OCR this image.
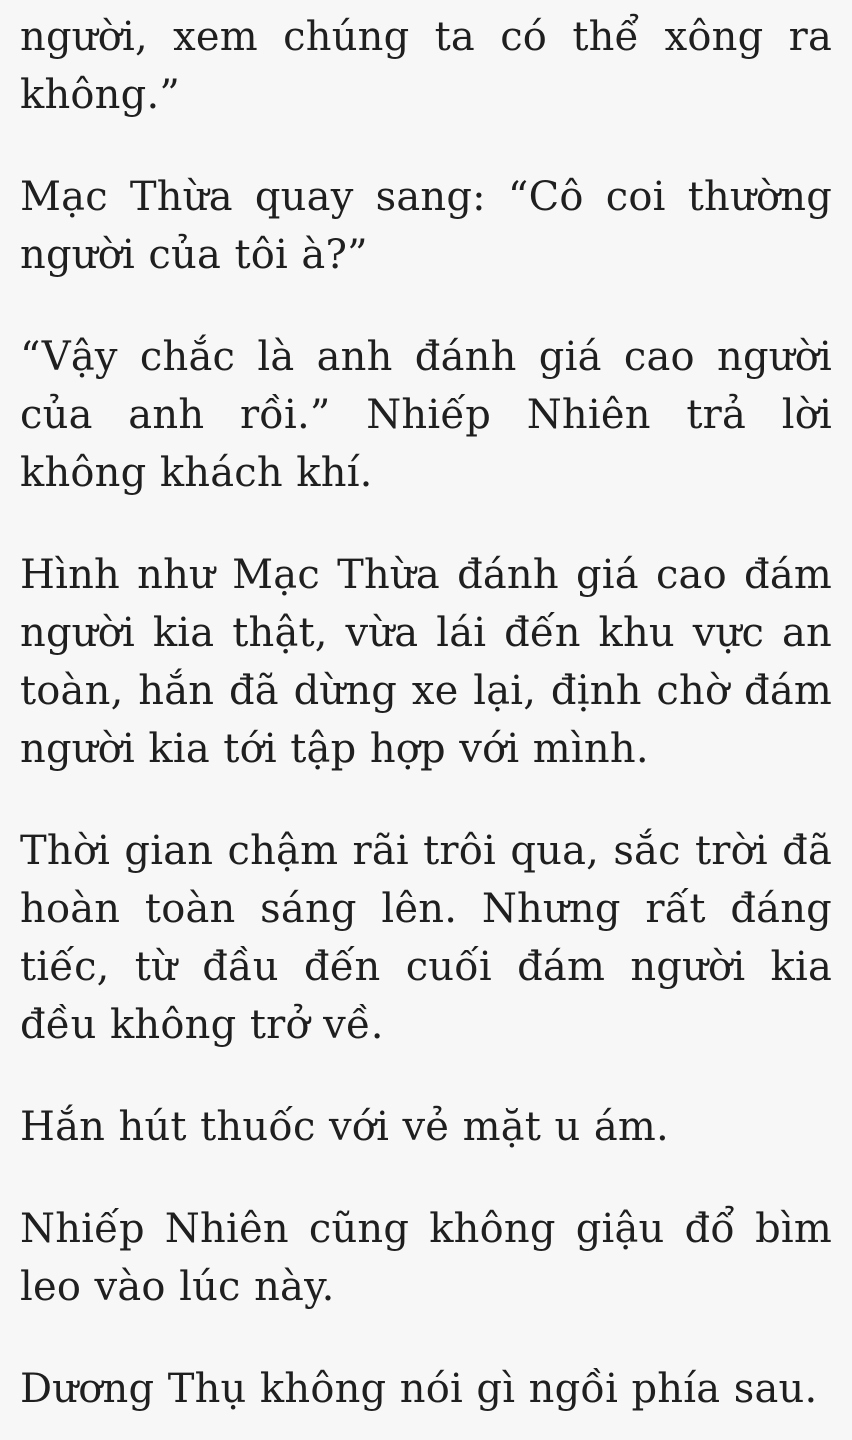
người, xem chúng ta có thể xông ra không.”

Mạc Thừa quay sang: “Cô coi thường người của tôi à?”

“Vậy chắc là anh đánh giá cao người của anh rồi.” Nhiếp Nhiên trả lời không khách khí.

Hình như Mạc Thừa đánh giá cao đám người kia thật, vừa lái đến khu vực an toàn, hắn đã dừng xe lại, định chờ đám người kia tới tập hợp với mình.

Thời gian chậm rãi trôi qua, sắc trời đã hoàn toàn sáng lên. Nhưng rất đáng tiếc, từ đầu đến cuối đám người kia đều không trở về.

Hắn hút thuốc với vẻ mặt u ám.

Nhiếp Nhiên cũng không giậu đổ bìm leo vào lúc này.

Dương Thụ không nói gì ngồi phía sau.
